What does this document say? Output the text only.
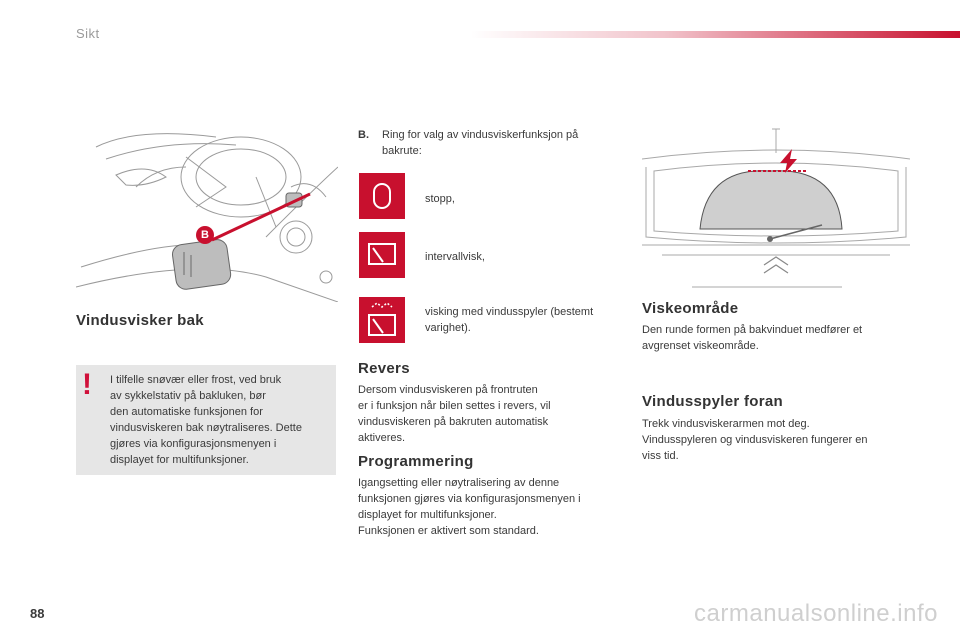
Sikt
B
Vindusvisker bak
! I tilfelle snøvær eller frost, ved bruk
av sykkelstativ på bakluken, bør
den automatiske funksjonen for
vindusviskeren bak nøytraliseres. Dette
gjøres via konfigurasjonsmenyen i
displayet for multifunksjoner.
B. Ring for valg av vindusviskerfunksjon på
bakrute:
stopp,
intervallvisk,
visking med vindusspyler (bestemt
varighet).
Revers
Dersom vindusviskeren på frontruten
er i funksjon når bilen settes i revers, vil
vindusviskeren på bakruten automatisk
aktiveres.
Programmering
Igangsetting eller nøytralisering av denne
funksjonen gjøres via konfigurasjonsmenyen i
displayet for multifunksjoner.
Funksjonen er aktivert som standard.
Viskeområde
Den runde formen på bakvinduet medfører et
avgrenset viskeområde.
Vindusspyler foran
Trekk vindusviskerarmen mot deg.
Vindusspyleren og vindusviskeren fungerer en
viss tid.
88	carmanualsonline.info
